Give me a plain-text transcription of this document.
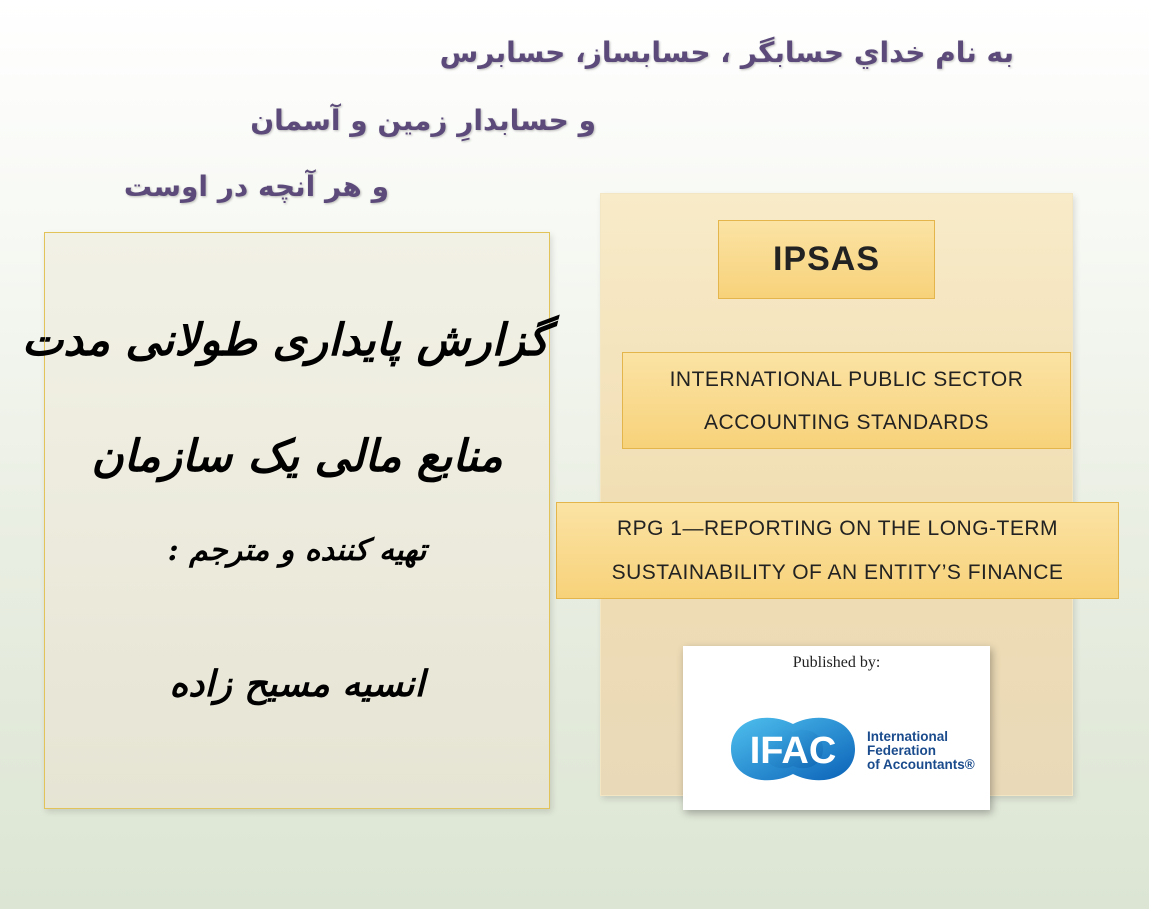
به نام خداي حسابگر ، حسابساز، حسابرس
و حسابدارِ زمين و آسمان
و هر آنچه در اوست
گزارش پایداری طولانی مدت
منابع مالی یک سازمان
تهیه کننده و مترجم :
انسیه مسیح زاده
IPSAS
INTERNATIONAL PUBLIC SECTOR
ACCOUNTING STANDARDS
RPG 1—REPORTING ON THE LONG-TERM
SUSTAINABILITY OF AN ENTITY’S FINANCE
Published by:
IFAC International
Federation
of Accountants®
